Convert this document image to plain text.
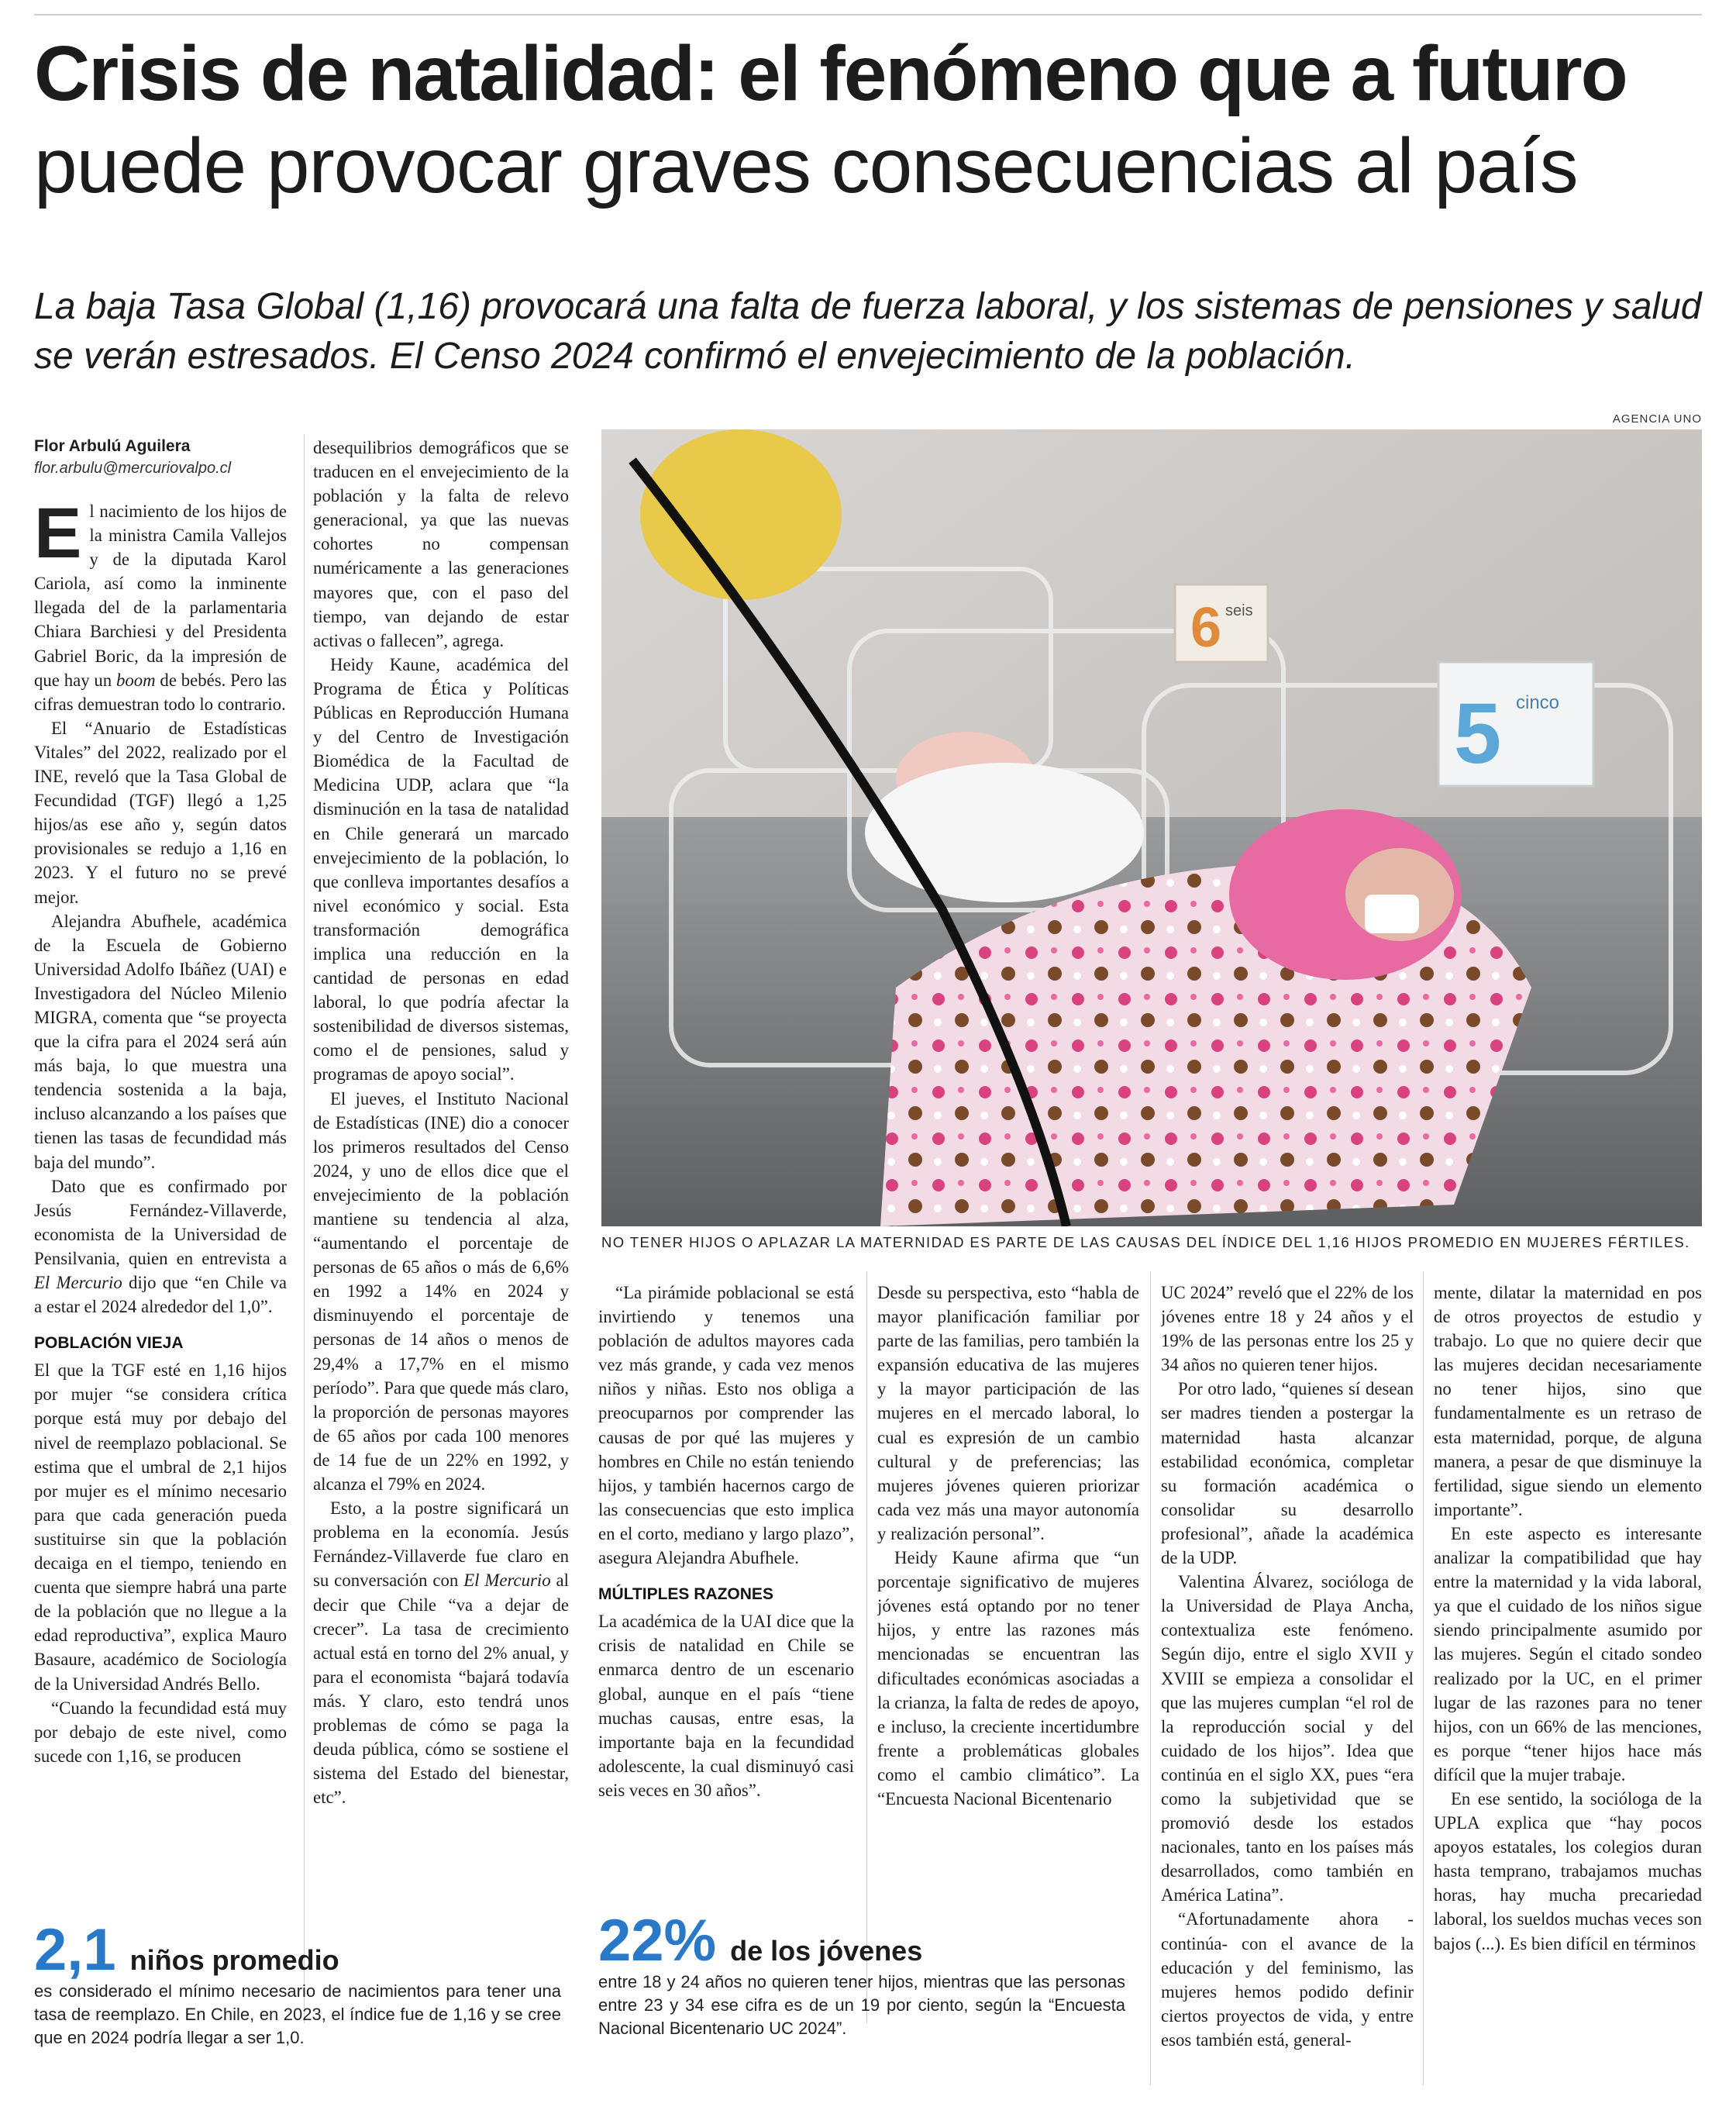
Crisis de natalidad: el fenómeno que a futuro
puede provocar graves consecuencias al país
La baja Tasa Global (1,16) provocará una falta de fuerza laboral, y los sistemas de pensiones y salud se verán estresados. El Censo 2024 confirmó el envejecimiento de la población.
Flor Arbulú Aguilera
flor.arbulu@mercuriovalpo.cl

El nacimiento de los hijos de la ministra Camila Vallejos y de la diputada Karol Cariola, así como la inminente llegada del de la parlamentaria Chiara Barchiesi y del Presidenta Gabriel Boric, da la impresión de que hay un boom de bebés. Pero las cifras demuestran todo lo contrario.

El “Anuario de Estadísticas Vitales” del 2022, realizado por el INE, reveló que la Tasa Global de Fecundidad (TGF) llegó a 1,25 hijos/as ese año y, según datos provisionales se redujo a 1,16 en 2023. Y el futuro no se prevé mejor.

Alejandra Abufhele, académica de la Escuela de Gobierno Universidad Adolfo Ibáñez (UAI) e Investigadora del Núcleo Milenio MIGRA, comenta que “se proyecta que la cifra para el 2024 será aún más baja, lo que muestra una tendencia sostenida a la baja, incluso alcanzando a los países que tienen las tasas de fecundidad más baja del mundo”.

Dato que es confirmado por Jesús Fernández-Villaverde, economista de la Universidad de Pensilvania, quien en entrevista a El Mercurio dijo que “en Chile va a estar el 2024 alrededor del 1,0”.

POBLACIÓN VIEJA

El que la TGF esté en 1,16 hijos por mujer “se considera crítica porque está muy por debajo del nivel de reemplazo poblacional. Se estima que el umbral de 2,1 hijos por mujer es el mínimo necesario para que cada generación pueda sustituirse sin que la población decaiga en el tiempo, teniendo en cuenta que siempre habrá una parte de la población que no llegue a la edad reproductiva”, explica Mauro Basaure, académico de Sociología de la Universidad Andrés Bello.

“Cuando la fecundidad está muy por debajo de este nivel, como sucede con 1,16, se producen

desequilibrios demográficos que se traducen en el envejecimiento de la población y la falta de relevo generacional, ya que las nuevas cohortes no compensan numéricamente a las generaciones mayores que, con el paso del tiempo, van dejando de estar activas o fallecen”, agrega.

Heidy Kaune, académica del Programa de Ética y Políticas Públicas en Reproducción Humana y del Centro de Investigación Biomédica de la Facultad de Medicina UDP, aclara que “la disminución en la tasa de natalidad en Chile generará un marcado envejecimiento de la población, lo que conlleva importantes desafíos a nivel económico y social. Esta transformación demográfica implica una reducción en la cantidad de personas en edad laboral, lo que podría afectar la sostenibilidad de diversos sistemas, como el de pensiones, salud y programas de apoyo social”.

El jueves, el Instituto Nacional de Estadísticas (INE) dio a conocer los primeros resultados del Censo 2024, y uno de ellos dice que el envejecimiento de la población mantiene su tendencia al alza, “aumentando el porcentaje de personas de 65 años o más de 6,6% en 1992 a 14% en 2024 y disminuyendo el porcentaje de personas de 14 años o menos de 29,4% a 17,7% en el mismo período”. Para que quede más claro, la proporción de personas mayores de 65 años por cada 100 menores de 14 fue de un 22% en 1992, y alcanza el 79% en 2024.

Esto, a la postre significará un problema en la economía. Jesús Fernández-Villaverde fue claro en su conversación con El Mercurio al decir que Chile “va a dejar de crecer”. La tasa de crecimiento actual está en torno del 2% anual, y para el economista “bajará todavía más. Y claro, esto tendrá unos problemas de cómo se paga la deuda pública, cómo se sostiene el sistema del Estado del bienestar, etc”.

AGENCIA UNO
6 seis
5 cinco
NO TENER HIJOS O APLAZAR LA MATERNIDAD ES PARTE DE LAS CAUSAS DEL ÍNDICE DEL 1,16 HIJOS PROMEDIO EN MUJERES FÉRTILES.

“La pirámide poblacional se está invirtiendo y tenemos una población de adultos mayores cada vez más grande, y cada vez menos niños y niñas. Esto nos obliga a preocuparnos por comprender las causas de por qué las mujeres y hombres en Chile no están teniendo hijos, y también hacernos cargo de las consecuencias que esto implica en el corto, mediano y largo plazo”, asegura Alejandra Abufhele.

MÚLTIPLES RAZONES

La académica de la UAI dice que la crisis de natalidad en Chile se enmarca dentro de un escenario global, aunque en el país “tiene muchas causas, entre esas, la importante baja en la fecundidad adolescente, la cual disminuyó casi seis veces en 30 años”.

Desde su perspectiva, esto “habla de mayor planificación familiar por parte de las familias, pero también la expansión educativa de las mujeres y la mayor participación de las mujeres en el mercado laboral, lo cual es expresión de un cambio cultural y de preferencias; las mujeres jóvenes quieren priorizar cada vez más una mayor autonomía y realización personal”.

Heidy Kaune afirma que “un porcentaje significativo de mujeres jóvenes está optando por no tener hijos, y entre las razones más mencionadas se encuentran las dificultades económicas asociadas a la crianza, la falta de redes de apoyo, e incluso, la creciente incertidumbre frente a problemáticas globales como el cambio climático”. La “Encuesta Nacional Bicentenario

UC 2024” reveló que el 22% de los jóvenes entre 18 y 24 años y el 19% de las personas entre los 25 y 34 años no quieren tener hijos.

Por otro lado, “quienes sí desean ser madres tienden a postergar la maternidad hasta alcanzar estabilidad económica, completar su formación académica o consolidar su desarrollo profesional”, añade la académica de la UDP.

Valentina Álvarez, socióloga de la Universidad de Playa Ancha, contextualiza este fenómeno. Según dijo, entre el siglo XVII y XVIII se empieza a consolidar el que las mujeres cumplan “el rol de la reproducción social y del cuidado de los hijos”. Idea que continúa en el siglo XX, pues “era como la subjetividad que se promovió desde los estados nacionales, tanto en los países más desarrollados, como también en América Latina”.

“Afortunadamente ahora -continúa- con el avance de la educación y del feminismo, las mujeres hemos podido definir ciertos proyectos de vida, y entre esos también está, general-

mente, dilatar la maternidad en pos de otros proyectos de estudio y trabajo. Lo que no quiere decir que las mujeres decidan necesariamente no tener hijos, sino que fundamentalmente es un retraso de esta maternidad, porque, de alguna manera, a pesar de que disminuye la fertilidad, sigue siendo un elemento importante”.

En este aspecto es interesante analizar la compatibilidad que hay entre la maternidad y la vida laboral, ya que el cuidado de los niños sigue siendo principalmente asumido por las mujeres. Según el citado sondeo realizado por la UC, en el primer lugar de las razones para no tener hijos, con un 66% de las menciones, es porque “tener hijos hace más difícil que la mujer trabaje.

En ese sentido, la socióloga de la UPLA explica que “hay pocos apoyos estatales, los colegios duran hasta temprano, trabajamos muchas horas, hay mucha precariedad laboral, los sueldos muchas veces son bajos (...). Es bien difícil en términos

2,1 niños promedio
es considerado el mínimo necesario de nacimientos para tener una tasa de reemplazo. En Chile, en 2023, el índice fue de 1,16 y se cree que en 2024 podría llegar a ser 1,0.
22% de los jóvenes
entre 18 y 24 años no quieren tener hijos, mientras que las personas entre 23 y 34 ese cifra es de un 19 por ciento, según la “Encuesta Nacional Bicentenario UC 2024”.
